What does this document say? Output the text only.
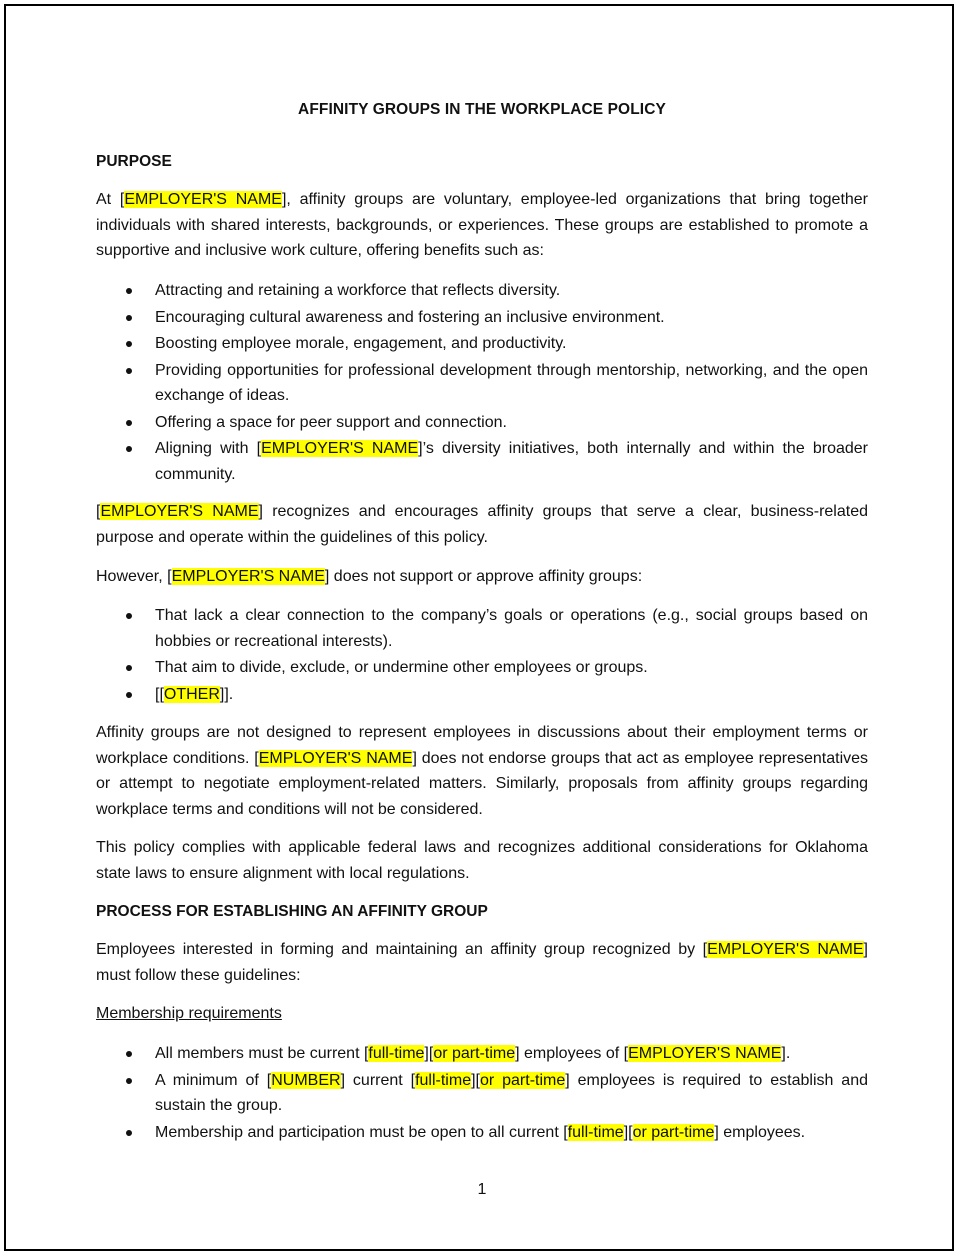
AFFINITY GROUPS IN THE WORKPLACE POLICY
PURPOSE

At [EMPLOYER'S NAME], affinity groups are voluntary, employee-led organizations that bring together individuals with shared interests, backgrounds, or experiences. These groups are established to promote a supportive and inclusive work culture, offering benefits such as:

Attracting and retaining a workforce that reflects diversity.
Encouraging cultural awareness and fostering an inclusive environment.
Boosting employee morale, engagement, and productivity.
Providing opportunities for professional development through mentorship, networking, and the open exchange of ideas.
Offering a space for peer support and connection.
Aligning with [EMPLOYER'S NAME]’s diversity initiatives, both internally and within the broader community.

[EMPLOYER'S NAME] recognizes and encourages affinity groups that serve a clear, business-related purpose and operate within the guidelines of this policy.

However, [EMPLOYER'S NAME] does not support or approve affinity groups:

That lack a clear connection to the company’s goals or operations (e.g., social groups based on hobbies or recreational interests).
That aim to divide, exclude, or undermine other employees or groups.
[[OTHER]].

Affinity groups are not designed to represent employees in discussions about their employment terms or workplace conditions. [EMPLOYER'S NAME] does not endorse groups that act as employee representatives or attempt to negotiate employment-related matters. Similarly, proposals from affinity groups regarding workplace terms and conditions will not be considered.

This policy complies with applicable federal laws and recognizes additional considerations for Oklahoma state laws to ensure alignment with local regulations.

PROCESS FOR ESTABLISHING AN AFFINITY GROUP

Employees interested in forming and maintaining an affinity group recognized by [EMPLOYER'S NAME] must follow these guidelines:

Membership requirements
All members must be current [full-time][or part-time] employees of [EMPLOYER'S NAME].
A minimum of [NUMBER] current [full-time][or part-time] employees is required to establish and sustain the group.
Membership and participation must be open to all current [full-time][or part-time] employees.
1
